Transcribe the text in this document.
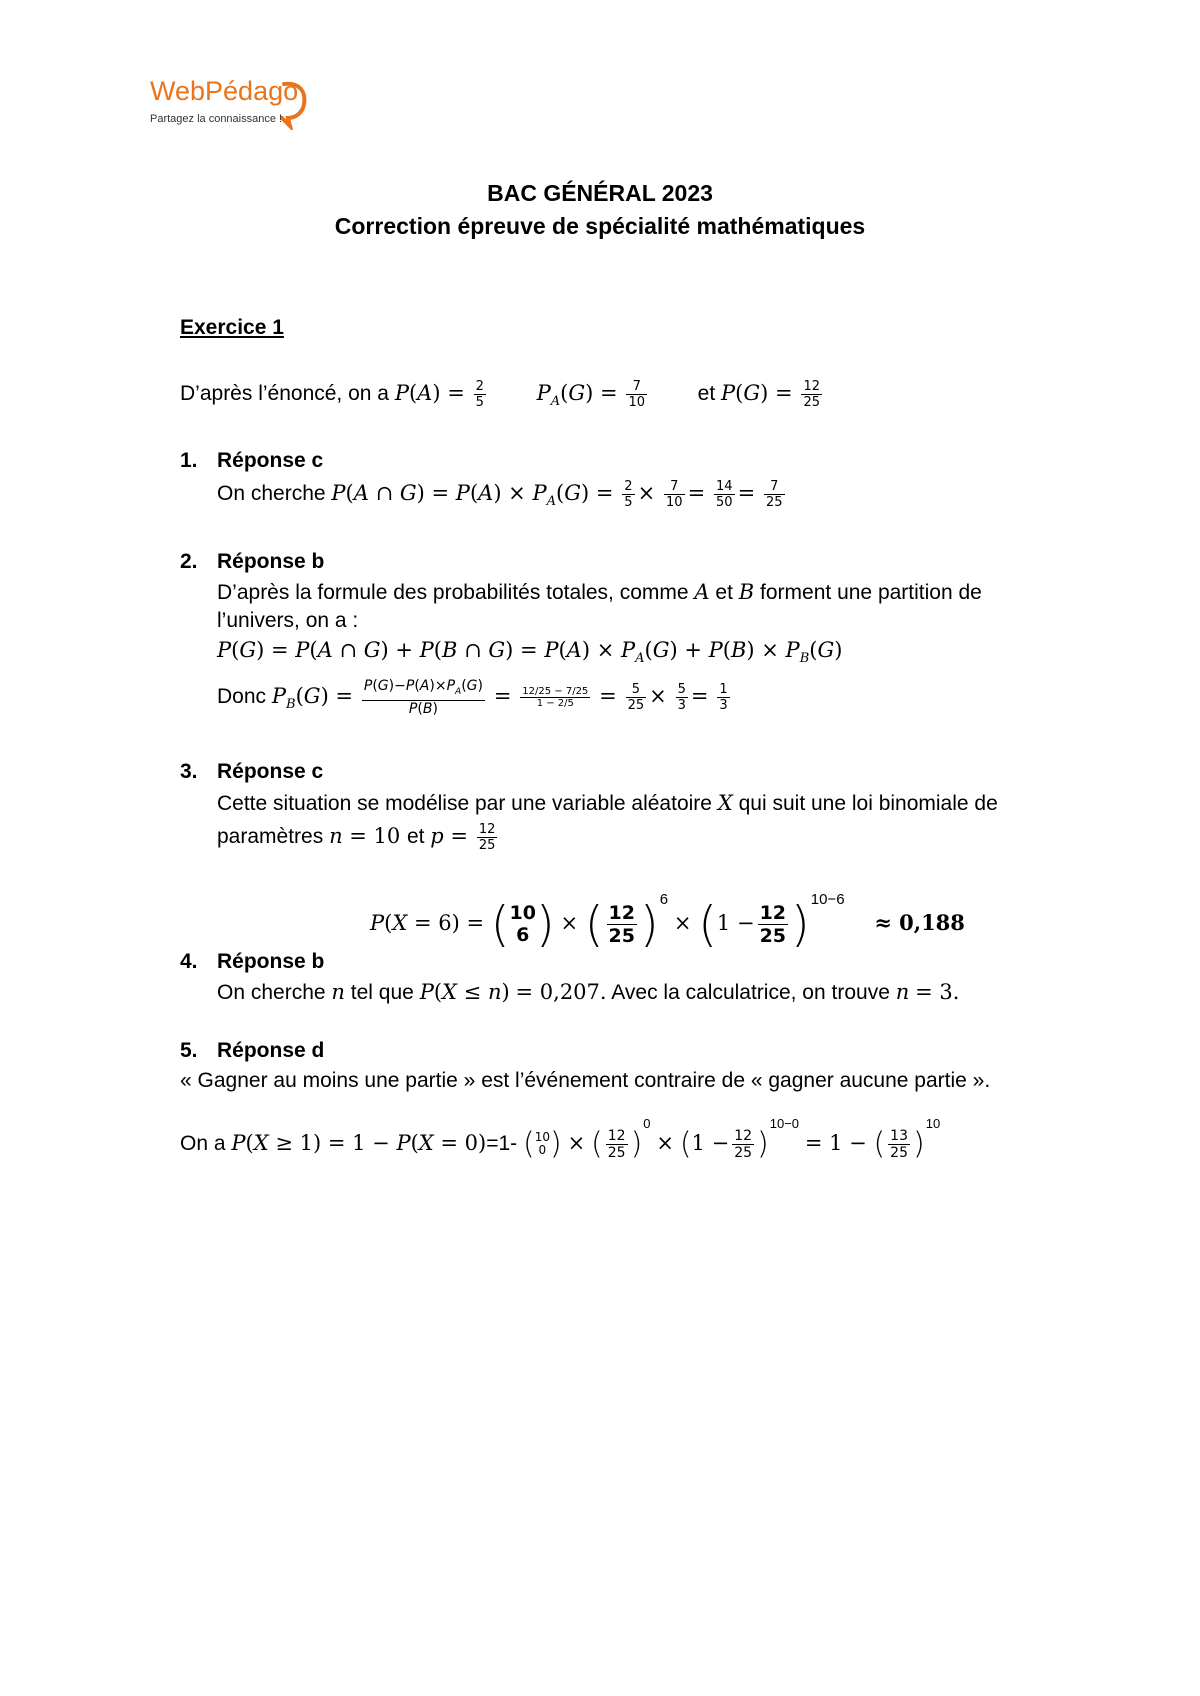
WebPédago
Partagez la connaissance !
BAC GÉNÉRAL 2023
Correction épreuve de spécialité mathématiques
Exercice 1
D’après l’énoncé, on a $P(A) = \frac{2}{5} P_A(G) = \frac{7}{10}$ et $P(G) = \frac{12}{25}$
1. Réponse c
On cherche P(A ∩ $G) = P(A) \times P_A(G) = \frac{2}{5} \times \frac{7}{10} = \frac{14}{50} = \frac{7}{25}$
2. Réponse b
D’après la formule des probabilités totales, comme A et B forment une partition de
l’univers, on a :
P(G) = P(A ∩ G) + P(B ∩ $G) = P(A) \times P_A(G) + P(B) \times P_B(G)$
Donc $P_B(G) = \frac{P(G)-P(A)\times P_A(G)}{P(B)} = \frac{12/25 - 7/25}{1 - 2/5} = \frac{5}{25} \times \frac{5}{3} = \frac{1}{3}$
3. Réponse c
Cette situation se modélise par une variable aléatoire X qui suit une loi binomiale de
paramètres n = 10 et $p = \frac{12}{25}$
P(X = 6) = ( 10
6 ) × ( $\frac{12}{25} )^6 \times (1 - \frac{12}{25} )^{10-6} \approx 0,188$
4. Réponse b
On cherche n tel que P(X ≤ n) = 0,207. Avec la calculatrice, on trouve n = 3.
5. Réponse d
« Gagner au moins une partie » est l’événement contraire de « gagner aucune partie ».
On a P(X ≥ 1) = 1 − P(X = 0)=1- ( 10
0 ) × ( $\frac{12}{25} )^0 \times (1 - \frac{12}{25} )^{10-0} = 1$ − ( $\frac{13}{25} )^{10}$
